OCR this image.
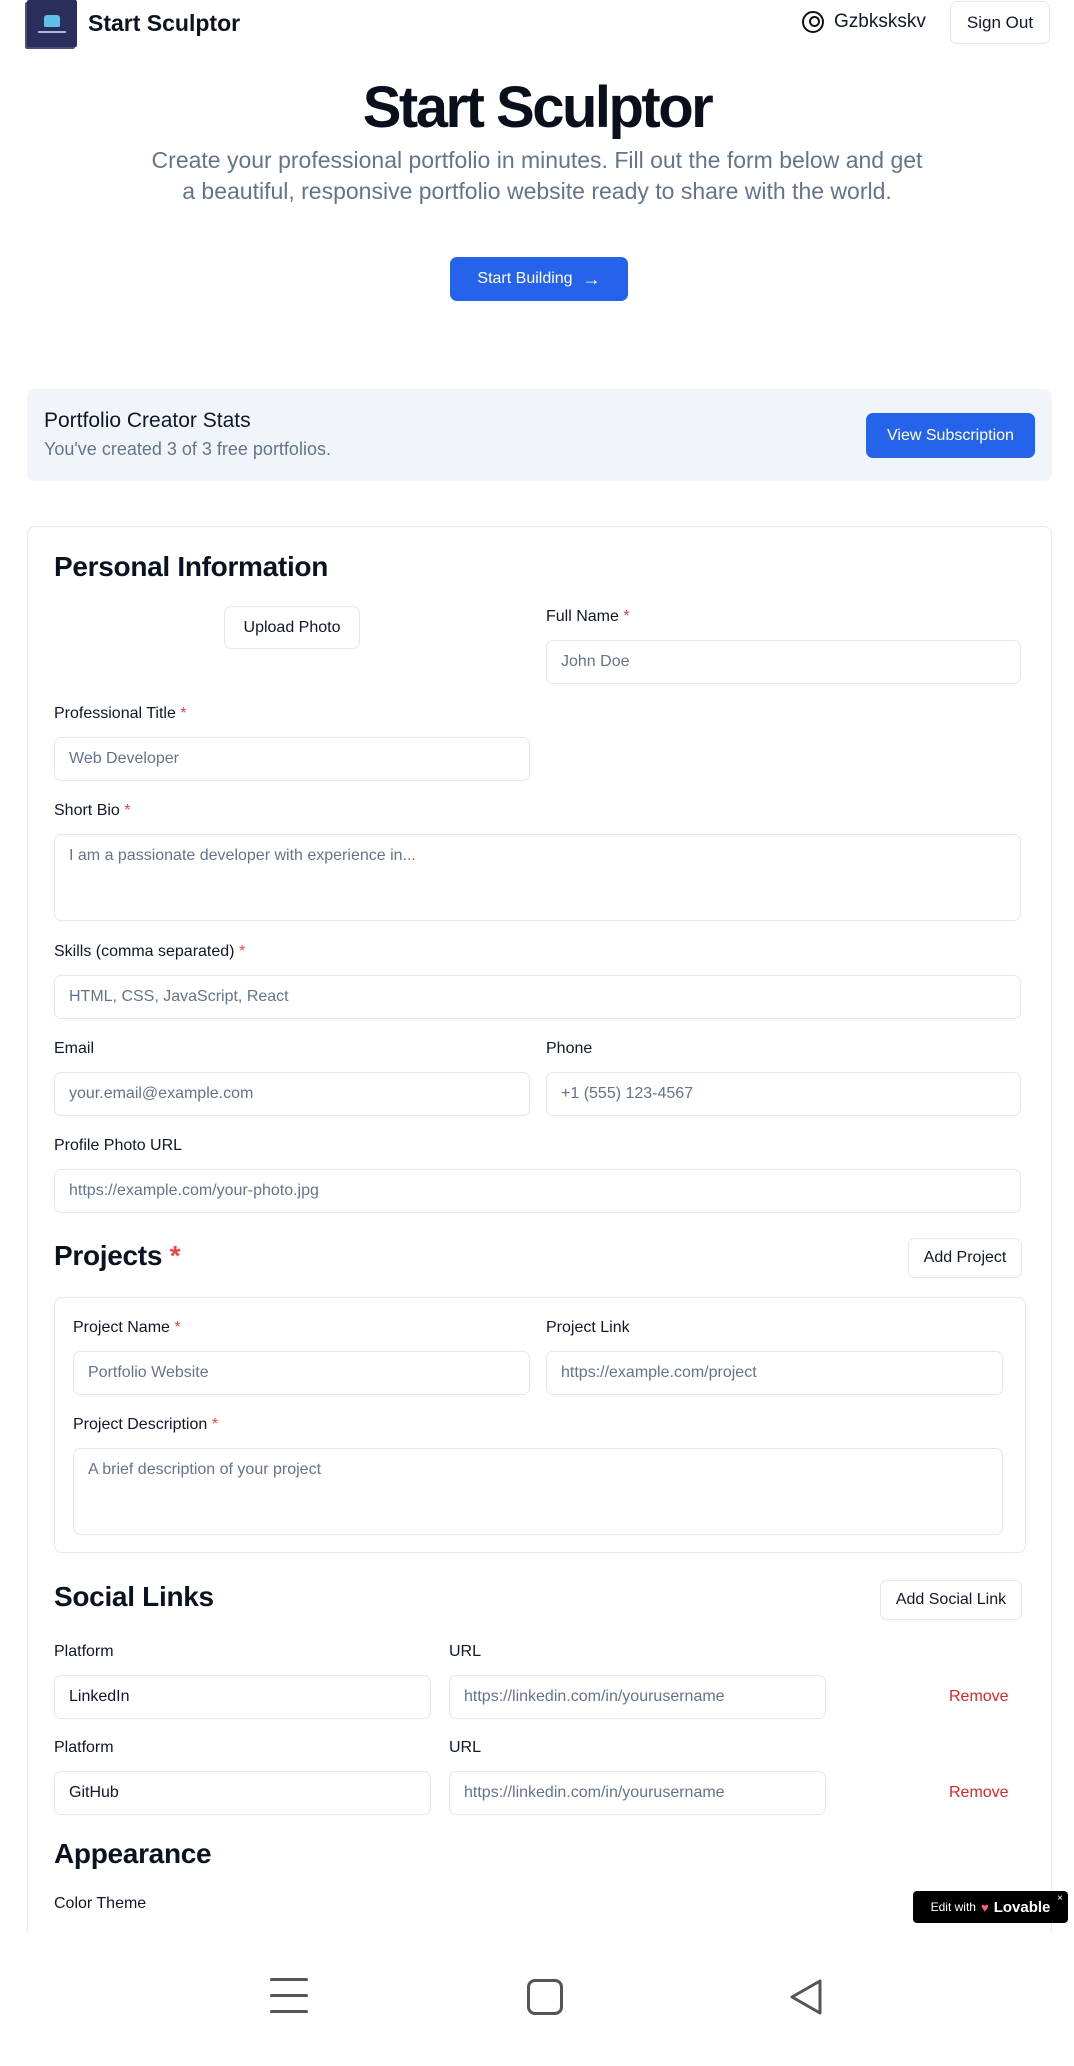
Start Sculptor	Gzbkskskv	Sign Out
Start Sculptor
Create your professional portfolio in minutes. Fill out the form below and get a beautiful, responsive portfolio website ready to share with the world.
Start Building →
Portfolio Creator Stats
You've created 3 of 3 free portfolios.
View Subscription
Personal Information
Upload Photo
Full Name *
John Doe
Professional Title *
Web Developer
Short Bio *
I am a passionate developer with experience in...
Skills (comma separated) *
HTML, CSS, JavaScript, React
Email
your.email@example.com
Phone
+1 (555) 123-4567
Profile Photo URL
https://example.com/your-photo.jpg
Projects *	Add Project
Project Name *
Portfolio Website
Project Link
https://example.com/project
Project Description *
A brief description of your project
Social Links	Add Social Link
Platform
LinkedIn
URL
https://linkedin.com/in/yourusername	Remove
Platform
GitHub
URL
https://linkedin.com/in/yourusername	Remove
Appearance
Color Theme	Edit with ♥ Lovable ×
